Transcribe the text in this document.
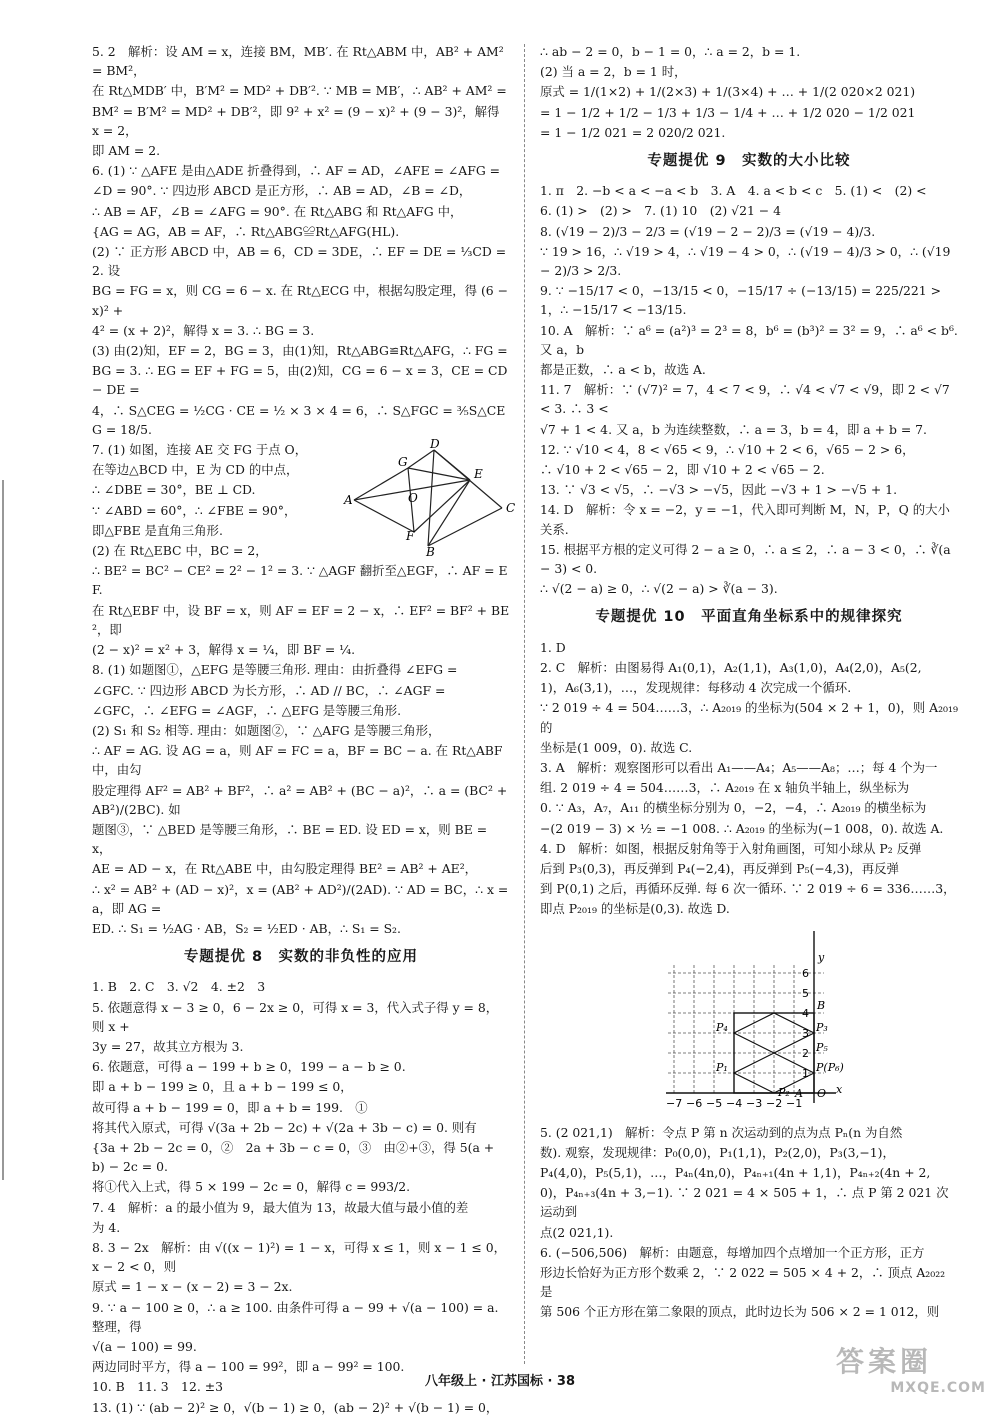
5. 2　解析：设 AM = x，连接 BM，MB′. 在 Rt△ABM 中，AB² + AM² = BM²，
在 Rt△MDB′ 中，B′M² = MD² + DB′². ∵ MB = MB′，∴ AB² + AM² =
BM² = B′M² = MD² + DB′²，即 9² + x² = (9 − x)² + (9 − 3)²，解得 x = 2，
即 AM = 2.
6. (1) ∵ △AFE 是由△ADE 折叠得到，∴ AF = AD，∠AFE = ∠AFG =
∠D = 90°. ∵ 四边形 ABCD 是正方形，∴ AB = AD，∠B = ∠D，
∴ AB = AF，∠B = ∠AFG = 90°. 在 Rt△ABG 和 Rt△AFG 中，
{AG = AG，AB = AF，∴ Rt△ABG≌Rt△AFG(HL).
(2) ∵ 正方形 ABCD 中，AB = 6，CD = 3DE，∴ EF = DE = ⅓CD = 2. 设
BG = FG = x，则 CG = 6 − x. 在 Rt△ECG 中，根据勾股定理，得 (6 − x)² +
4² = (x + 2)²，解得 x = 3. ∴ BG = 3.
(3) 由(2)知，EF = 2，BG = 3，由(1)知，Rt△ABG≌Rt△AFG，∴ FG =
BG = 3. ∴ EG = EF + FG = 5，由(2)知，CG = 6 − x = 3，CE = CD − DE =
4，∴ S△CEG = ½CG · CE = ½ × 3 × 4 = 6，∴ S△FGC = ⅗S△CEG = 18/5.
A
B
C
D
E
F
G
O
7. (1) 如图，连接 AE 交 FG 于点 O，
在等边△BCD 中，E 为 CD 的中点，
∴ ∠DBE = 30°，BE ⊥ CD.
∵ ∠ABD = 60°，∴ ∠FBE = 90°，
即△FBE 是直角三角形.
(2) 在 Rt△EBC 中，BC = 2，
∴ BE² = BC² − CE² = 2² − 1² = 3. ∵ △AGF 翻折至△EGF，∴ AF = EF.
在 Rt△EBF 中，设 BF = x，则 AF = EF = 2 − x，∴ EF² = BF² + BE²，即
(2 − x)² = x² + 3，解得 x = ¼，即 BF = ¼.
8. (1) 如题图①，△EFG 是等腰三角形. 理由：由折叠得 ∠EFG =
∠GFC. ∵ 四边形 ABCD 为长方形，∴ AD // BC，∴ ∠AGF =
∠GFC，∴ ∠EFG = ∠AGF，∴ △EFG 是等腰三角形.
(2) S₁ 和 S₂ 相等. 理由：如题图②，∵ △AFG 是等腰三角形，
∴ AF = AG. 设 AG = a，则 AF = FC = a，BF = BC − a. 在 Rt△ABF 中，由勾
股定理得 AF² = AB² + BF²，∴ a² = AB² + (BC − a)²，∴ a = (BC² + AB²)/(2BC). 如
题图③，∵ △BED 是等腰三角形，∴ BE = ED. 设 ED = x，则 BE = x，
AE = AD − x，在 Rt△ABE 中，由勾股定理得 BE² = AB² + AE²，
∴ x² = AB² + (AD − x)²，x = (AB² + AD²)/(2AD). ∵ AD = BC，∴ x = a，即 AG =
ED. ∴ S₁ = ½AG · AB，S₂ = ½ED · AB，∴ S₁ = S₂.
专题提优 8　实数的非负性的应用
1. B　2. C　3. √2　4. ±2　3
5. 依题意得 x − 3 ≥ 0，6 − 2x ≥ 0，可得 x = 3，代入式子得 y = 8，则 x +
3y = 27，故其立方根为 3.
6. 依题意，可得 a − 199 + b ≥ 0，199 − a − b ≥ 0.
即 a + b − 199 ≥ 0，且 a + b − 199 ≤ 0，
故可得 a + b − 199 = 0，即 a + b = 199.　①
将其代入原式，可得 √(3a + 2b − 2c) + √(2a + 3b − c) = 0. 则有
{3a + 2b − 2c = 0，②　2a + 3b − c = 0，③　由②+③，得 5(a + b) − 2c = 0.
将①代入上式，得 5 × 199 − 2c = 0，解得 c = 993/2.
7. 4　解析：a 的最小值为 9，最大值为 13，故最大值与最小值的差
为 4.
8. 3 − 2x　解析：由 √((x − 1)²) = 1 − x，可得 x ≤ 1，则 x − 1 ≤ 0，x − 2 < 0，则
原式 = 1 − x − (x − 2) = 3 − 2x.
9. ∵ a − 100 ≥ 0，∴ a ≥ 100. 由条件可得 a − 99 + √(a − 100) = a. 整理，得
√(a − 100) = 99.
两边同时平方，得 a − 100 = 99²，即 a − 99² = 100.
10. B　11. 3　12. ±3
13. (1) ∵ (ab − 2)² ≥ 0，√(b − 1) ≥ 0，(ab − 2)² + √(b − 1) = 0，
∴ ab − 2 = 0，b − 1 = 0，∴ a = 2，b = 1.
(2) 当 a = 2，b = 1 时，
原式 = 1/(1×2) + 1/(2×3) + 1/(3×4) + … + 1/(2 020×2 021)
= 1 − 1/2 + 1/2 − 1/3 + 1/3 − 1/4 + … + 1/2 020 − 1/2 021
= 1 − 1/2 021 = 2 020/2 021.
专题提优 9　实数的大小比较
1. π　2. −b < a < −a < b　3. A　4. a < b < c　5. (1) <　(2) <
6. (1) >　(2) >　7. (1) 10　(2) √21 − 4
8. (√19 − 2)/3 − 2/3 = (√19 − 2 − 2)/3 = (√19 − 4)/3.
∵ 19 > 16，∴ √19 > 4，∴ √19 − 4 > 0，∴ (√19 − 4)/3 > 0，∴ (√19 − 2)/3 > 2/3.
9. ∵ −15/17 < 0，−13/15 < 0，−15/17 ÷ (−13/15) = 225/221 > 1，∴ −15/17 < −13/15.
10. A　解析：∵ a⁶ = (a²)³ = 2³ = 8，b⁶ = (b³)² = 3² = 9，∴ a⁶ < b⁶. 又 a，b
都是正数，∴ a < b，故选 A.
11. 7　解析：∵ (√7)² = 7，4 < 7 < 9，∴ √4 < √7 < √9，即 2 < √7 < 3. ∴ 3 <
√7 + 1 < 4. 又 a，b 为连续整数，∴ a = 3，b = 4，即 a + b = 7.
12. ∵ √10 < 4，8 < √65 < 9，∴ √10 + 2 < 6，√65 − 2 > 6，
∴ √10 + 2 < √65 − 2，即 √10 + 2 < √65 − 2.
13. ∵ √3 < √5，∴ −√3 > −√5，因此 −√3 + 1 > −√5 + 1.
14. D　解析：令 x = −2，y = −1，代入即可判断 M，N，P，Q 的大小关系.
15. 根据平方根的定义可得 2 − a ≥ 0，∴ a ≤ 2，∴ a − 3 < 0，∴ ∛(a − 3) < 0.
∴ √(2 − a) ≥ 0，∴ √(2 − a) > ∛(a − 3).
专题提优 10　平面直角坐标系中的规律探究
1. D
2. C　解析：由图易得 A₁(0,1)，A₂(1,1)，A₃(1,0)，A₄(2,0)，A₅(2,
1)，A₆(3,1)，…，发现规律：每移动 4 次完成一个循环.
∵ 2 019 ÷ 4 = 504……3，∴ A₂₀₁₉ 的坐标为(504 × 2 + 1，0)，则 A₂₀₁₉ 的
坐标是(1 009，0). 故选 C.
3. A　解析：观察图形可以看出 A₁——A₄；A₅——A₈；…；每 4 个为一
组. 2 019 ÷ 4 = 504……3，∴ A₂₀₁₉ 在 x 轴负半轴上，纵坐标为
0. ∵ A₃，A₇，A₁₁ 的横坐标分别为 0，−2，−4，∴ A₂₀₁₉ 的横坐标为
−(2 019 − 3) × ½ = −1 008. ∴ A₂₀₁₉ 的坐标为(−1 008，0). 故选 A.
4. D　解析：如图，根据反射角等于入射角画图，可知小球从 P₂ 反弹
后到 P₃(0,3)，再反弹到 P₄(−2,4)，再反弹到 P₅(−4,3)，再反弹
到 P(0,1) 之后，再循环反弹. 每 6 次一循环. ∵ 2 019 ÷ 6 = 336……3，
即点 P₂₀₁₉ 的坐标是(0,3). 故选 D.
1
2
3
4
5
6
−7 −6 −5 −4 −3 −2 −1
P₄
P₅
P₃
P(P₆)
P₂
P₁
B
O
A	x
y
5. (2 021,1)　解析：令点 P 第 n 次运动到的点为点 Pₙ(n 为自然
数). 观察，发现规律：P₀(0,0)，P₁(1,1)，P₂(2,0)，P₃(3,−1)，
P₄(4,0)，P₅(5,1)，…，P₄ₙ(4n,0)，P₄ₙ₊₁(4n + 1,1)，P₄ₙ₊₂(4n + 2,
0)，P₄ₙ₊₃(4n + 3,−1). ∵ 2 021 = 4 × 505 + 1，∴ 点 P 第 2 021 次运动到
点(2 021,1).
6. (−506,506)　解析：由题意，每增加四个点增加一个正方形，正方
形边长恰好为正方形个数乘 2，∵ 2 022 = 505 × 4 + 2，∴ 顶点 A₂₀₂₂ 是
第 506 个正方形在第二象限的顶点，此时边长为 506 × 2 = 1 012，则
八年级上 · 江苏国标 · 38
答案圈
MXQE.COM
